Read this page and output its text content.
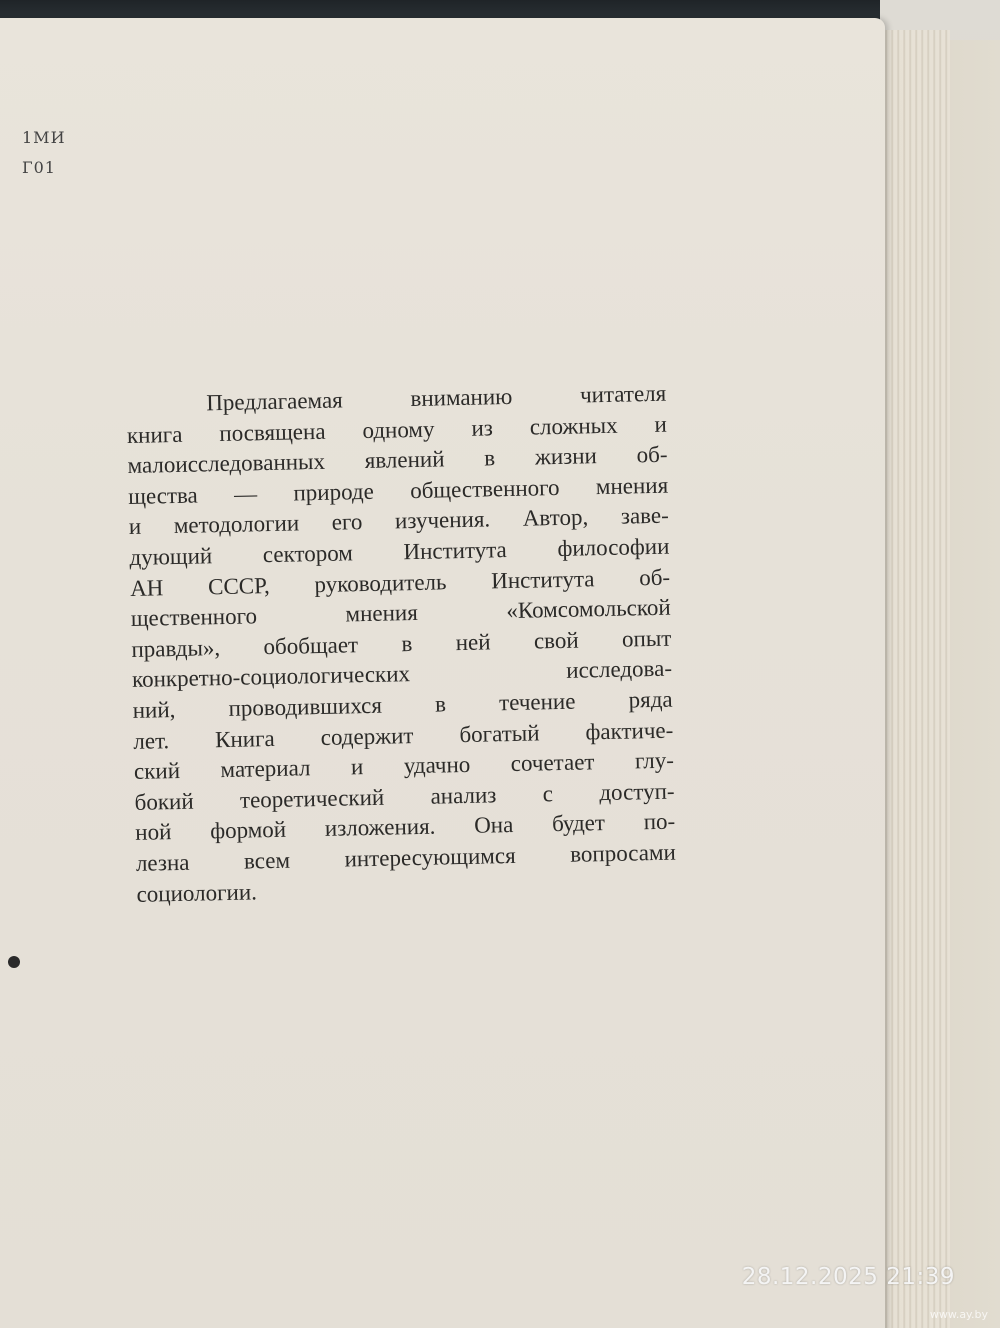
1МИ
Г01
Предлагаемая вниманию читателя
книга посвящена одному из сложных и
малоисследованных явлений в жизни об-
щества — природе общественного мнения
и методологии его изучения. Автор, заве-
дующий сектором Института философии
АН СССР, руководитель Института об-
щественного мнения «Комсомольской
правды», обобщает в ней свой опыт
конкретно-социологических исследова-
ний, проводившихся в течение ряда
лет. Книга содержит богатый фактиче-
ский материал и удачно сочетает глу-
бокий теоретический анализ с доступ-
ной формой изложения. Она будет по-
лезна всем интересующимся вопросами
социологии.
28.12.2025 21:39
www.ay.by
